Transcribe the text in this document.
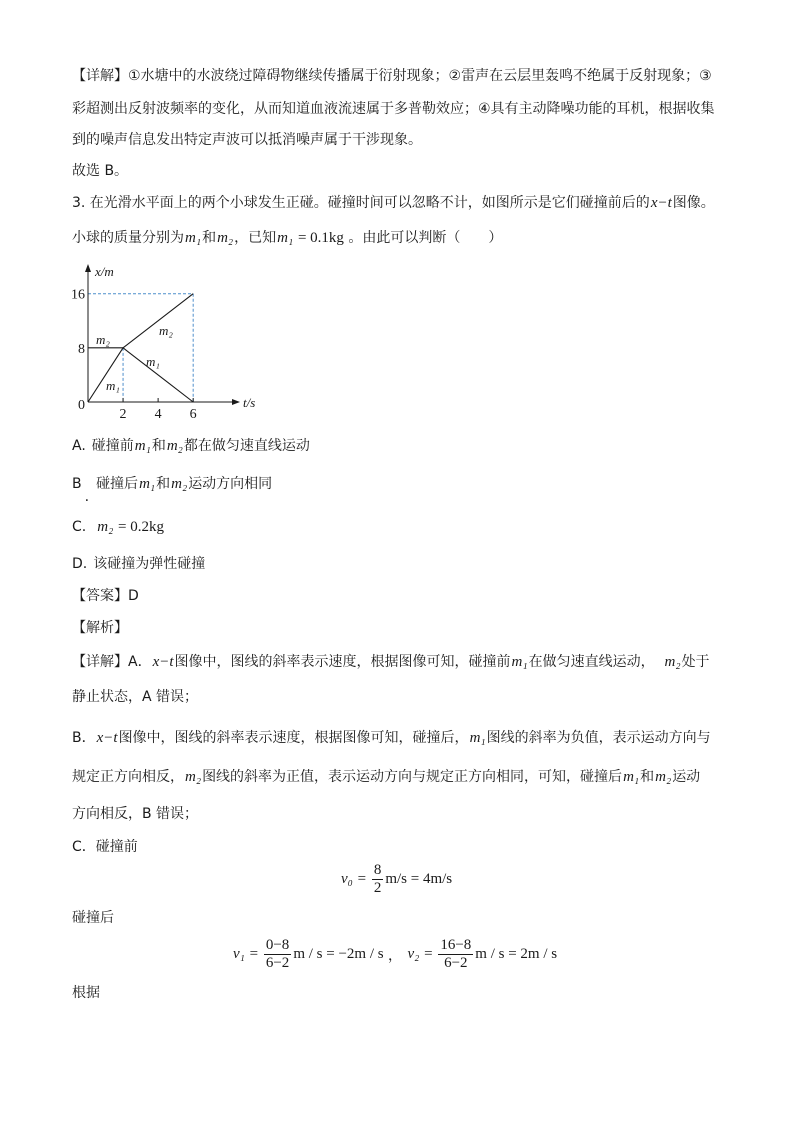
【详解】①水塘中的水波绕过障碍物继续传播属于衍射现象；②雷声在云层里轰鸣不绝属于反射现象；③
彩超测出反射波频率的变化，从而知道血液流速属于多普勒效应；④具有主动降噪功能的耳机，根据收集
到的噪声信息发出特定声波可以抵消噪声属于干涉现象。
故选 B。
3. 在光滑水平面上的两个小球发生正碰。碰撞时间可以忽略不计，如图所示是它们碰撞前后的 x−t 图像。
小球的质量分别为 m₁ 和 m₂ ，已知 m₁ = 0.1kg 。由此可以判断（　　）
x/m
t/s
0
16
8
2 4 6
m₂
m₁
m₂
m₁
A. 碰撞前 m₁ 和 m₂ 都在做匀速直线运动
B
.
碰撞后 m₁ 和 m₂ 运动方向相同
C. m₂ = 0.2kg
D. 该碰撞为弹性碰撞
【答案】D
【解析】
【详解】A． x−t 图像中，图线的斜率表示速度，根据图像可知，碰撞前 m₁ 在做匀速直线运动， m₂ 处于
静止状态，A 错误；
B． x−t 图像中，图线的斜率表示速度，根据图像可知，碰撞后， m₁ 图线的斜率为负值，表示运动方向与
规定正方向相反， m₂ 图线的斜率为正值，表示运动方向与规定正方向相同，可知，碰撞后 m₁ 和 m₂ 运动
方向相反，B 错误；
C．碰撞前
$v_0 = \frac{8}{2} m/s = 4m/s$
碰撞后
$v_1 = \frac{0-8}{6-2}$ m / s = −2m / s ， $v_2 = \frac{16-8}{6-2}$ m / s = 2m / s
根据
